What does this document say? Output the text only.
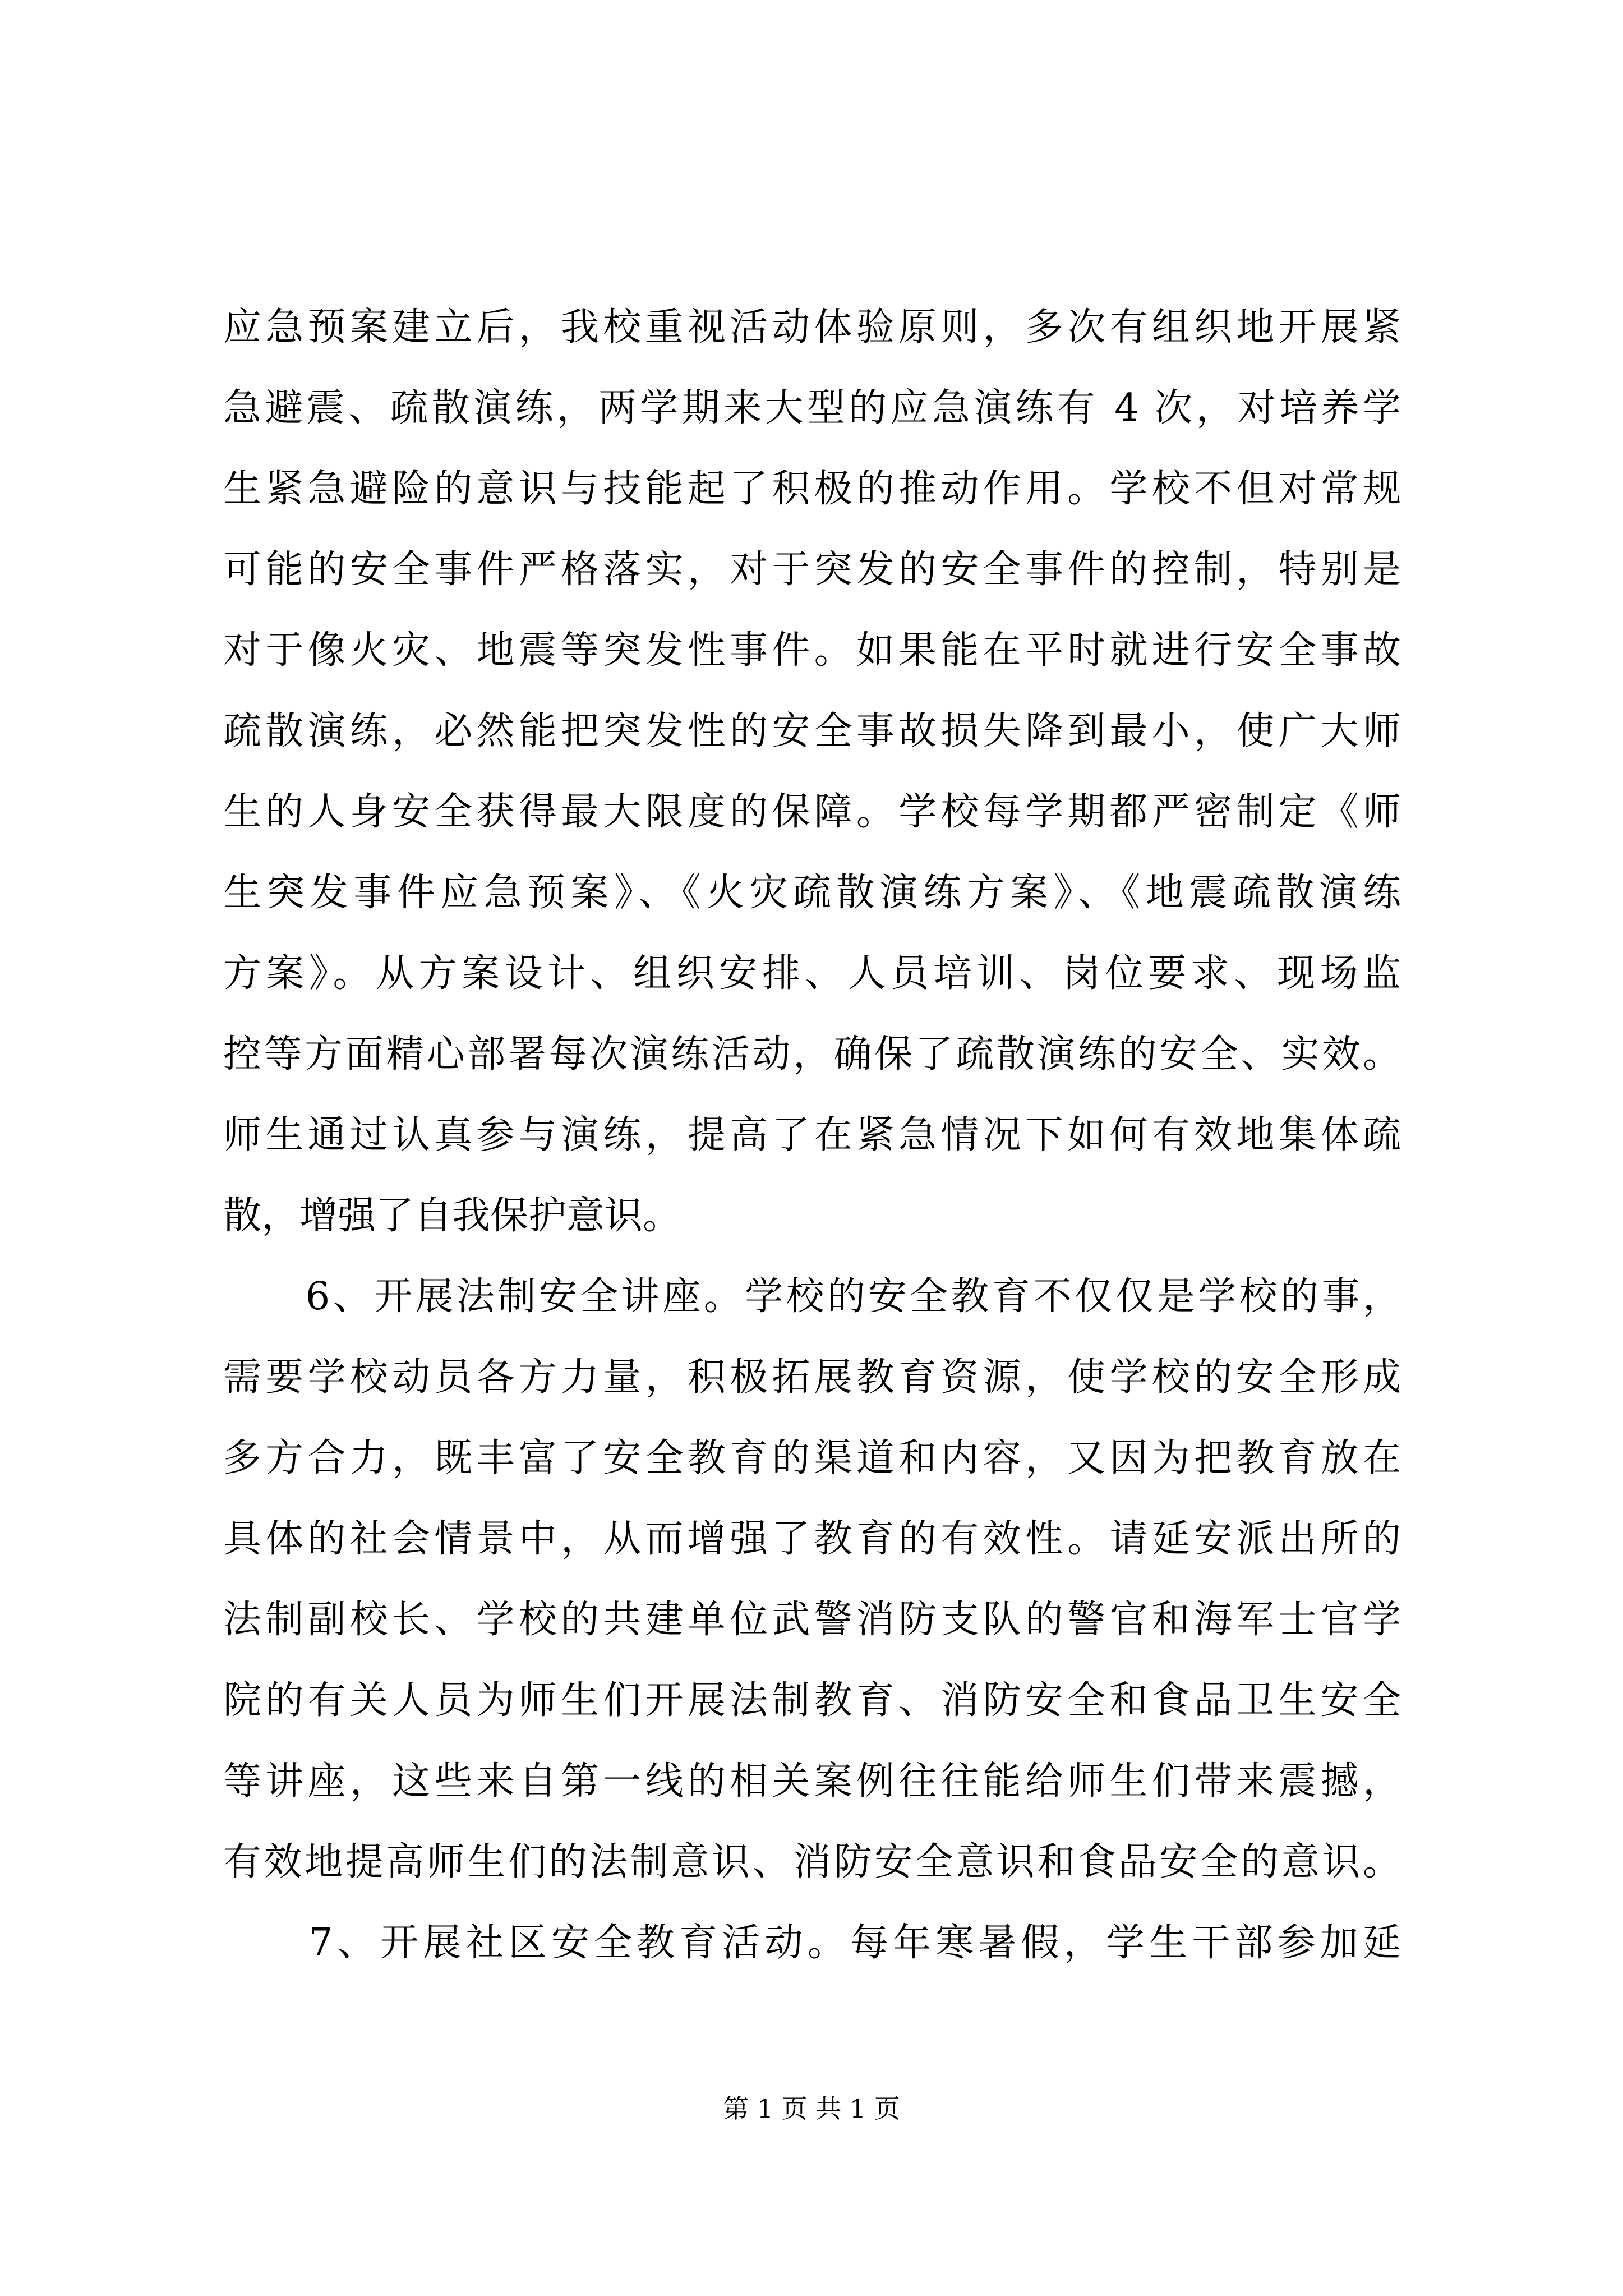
应急预案建立后，我校重视活动体验原则，多次有组织地开展紧
急避震、疏散演练，两学期来大型的应急演练有 4 次，对培养学
生紧急避险的意识与技能起了积极的推动作用。学校不但对常规
可能的安全事件严格落实，对于突发的安全事件的控制，特别是
对于像火灾、地震等突发性事件。如果能在平时就进行安全事故
疏散演练，必然能把突发性的安全事故损失降到最小，使广大师
生的人身安全获得最大限度的保障。学校每学期都严密制定《师
生突发事件应急预案》、《火灾疏散演练方案》、《地震疏散演练
方案》。从方案设计、组织安排、人员培训、岗位要求、现场监
控等方面精心部署每次演练活动，确保了疏散演练的安全、实效。
师生通过认真参与演练，提高了在紧急情况下如何有效地集体疏
散，增强了自我保护意识。
　　6、开展法制安全讲座。学校的安全教育不仅仅是学校的事，
需要学校动员各方力量，积极拓展教育资源，使学校的安全形成
多方合力，既丰富了安全教育的渠道和内容，又因为把教育放在
具体的社会情景中，从而增强了教育的有效性。请延安派出所的
法制副校长、学校的共建单位武警消防支队的警官和海军士官学
院的有关人员为师生们开展法制教育、消防安全和食品卫生安全
等讲座，这些来自第一线的相关案例往往能给师生们带来震撼，
有效地提高师生们的法制意识、消防安全意识和食品安全的意识。
　　7、开展社区安全教育活动。每年寒暑假，学生干部参加延
第 1 页 共 1 页
